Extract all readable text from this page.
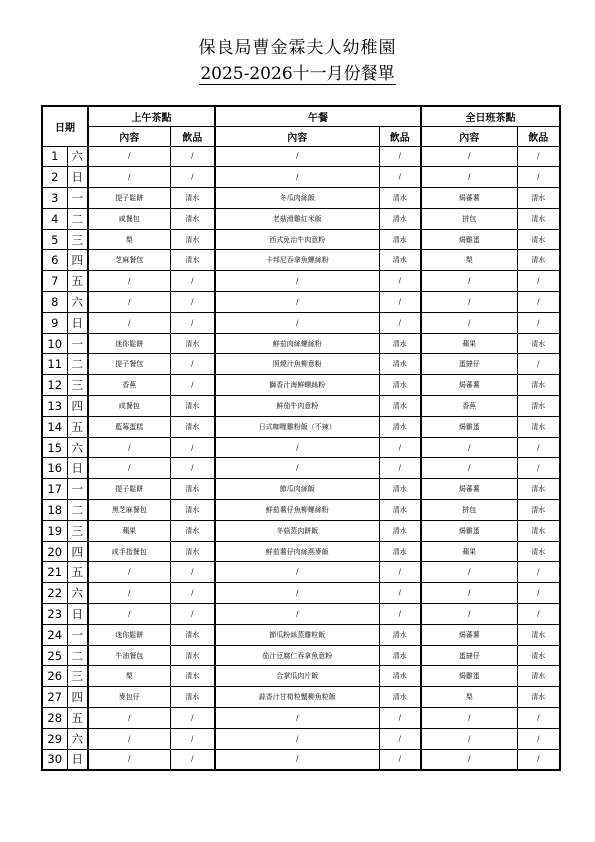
保良局曹金霖夫人幼稚園
2025-2026十一月份餐單
日期		上午茶點		午餐		全日班茶點	
		內容	飲品	內容	飲品	內容	飲品
1	六	/	/	/	/	/	/
2	日	/	/	/	/	/	/
3	一	提子鬆餅	清水	冬瓜肉絲飯	清水	焗蕃薯	清水
4	二	咸餐包	清水	老菇滑雞紅米飯	清水	拼包	清水
5	三	梨	清水	西式免治牛肉意粉	清水	焗雞蛋	清水
6	四	芝麻餐包	清水	卡邦尼吞拿魚螺絲粉	清水	梨	清水
7	五	/	/	/	/	/	/
8	六	/	/	/	/	/	/
9	日	/	/	/	/	/	/
10	一	迷你鬆餅	清水	鮮茄肉絲螺絲粉	清水	蘋果	清水
11	二	提子餐包	/	照燒汁魚柳意粉	清水	蛋撻仔	/
12	三	香蕉	/	獅香汁海鮮螺絲粉	清水	焗蕃薯	清水
13	四	咸餐包	清水	鮮茄牛肉意粉	清水	香蕉	清水
14	五	藍莓蛋糕	清水	日式咖喱雞粉飯（不辣）	清水	焗雞蛋	清水
15	六	/	/	/	/	/	/
16	日	/	/	/	/	/	/
17	一	提子鬆餅	清水	節瓜肉絲飯	清水	焗蕃薯	清水
18	二	黑芝麻餐包	清水	鮮茄薯仔魚柳螺絲粉	清水	拼包	清水
19	三	蘋果	清水	冬菇蒸肉餅飯	清水	焗雞蛋	清水
20	四	咸手指餐包	清水	鮮茄薯仔肉絲燕麥飯	清水	蘋果	清水
21	五	/	/	/	/	/	/
22	六	/	/	/	/	/	/
23	日	/	/	/	/	/	/
24	一	迷你鬆餅	清水	節瓜粉絲蒸雞粒飯	清水	焗蕃薯	清水
25	二	牛油餐包	清水	茄汁豆腐仁吞拿魚意粉	清水	蛋撻仔	清水
26	三	梨	清水	合掌瓜肉片飯	清水	焗雞蛋	清水
27	四	麥包仔	清水	蒜香汁甘筍粒蟹柳魚粒飯	清水	梨	清水
28	五	/	/	/	/	/	/
29	六	/	/	/	/	/	/
30	日	/	/	/	/	/	/
